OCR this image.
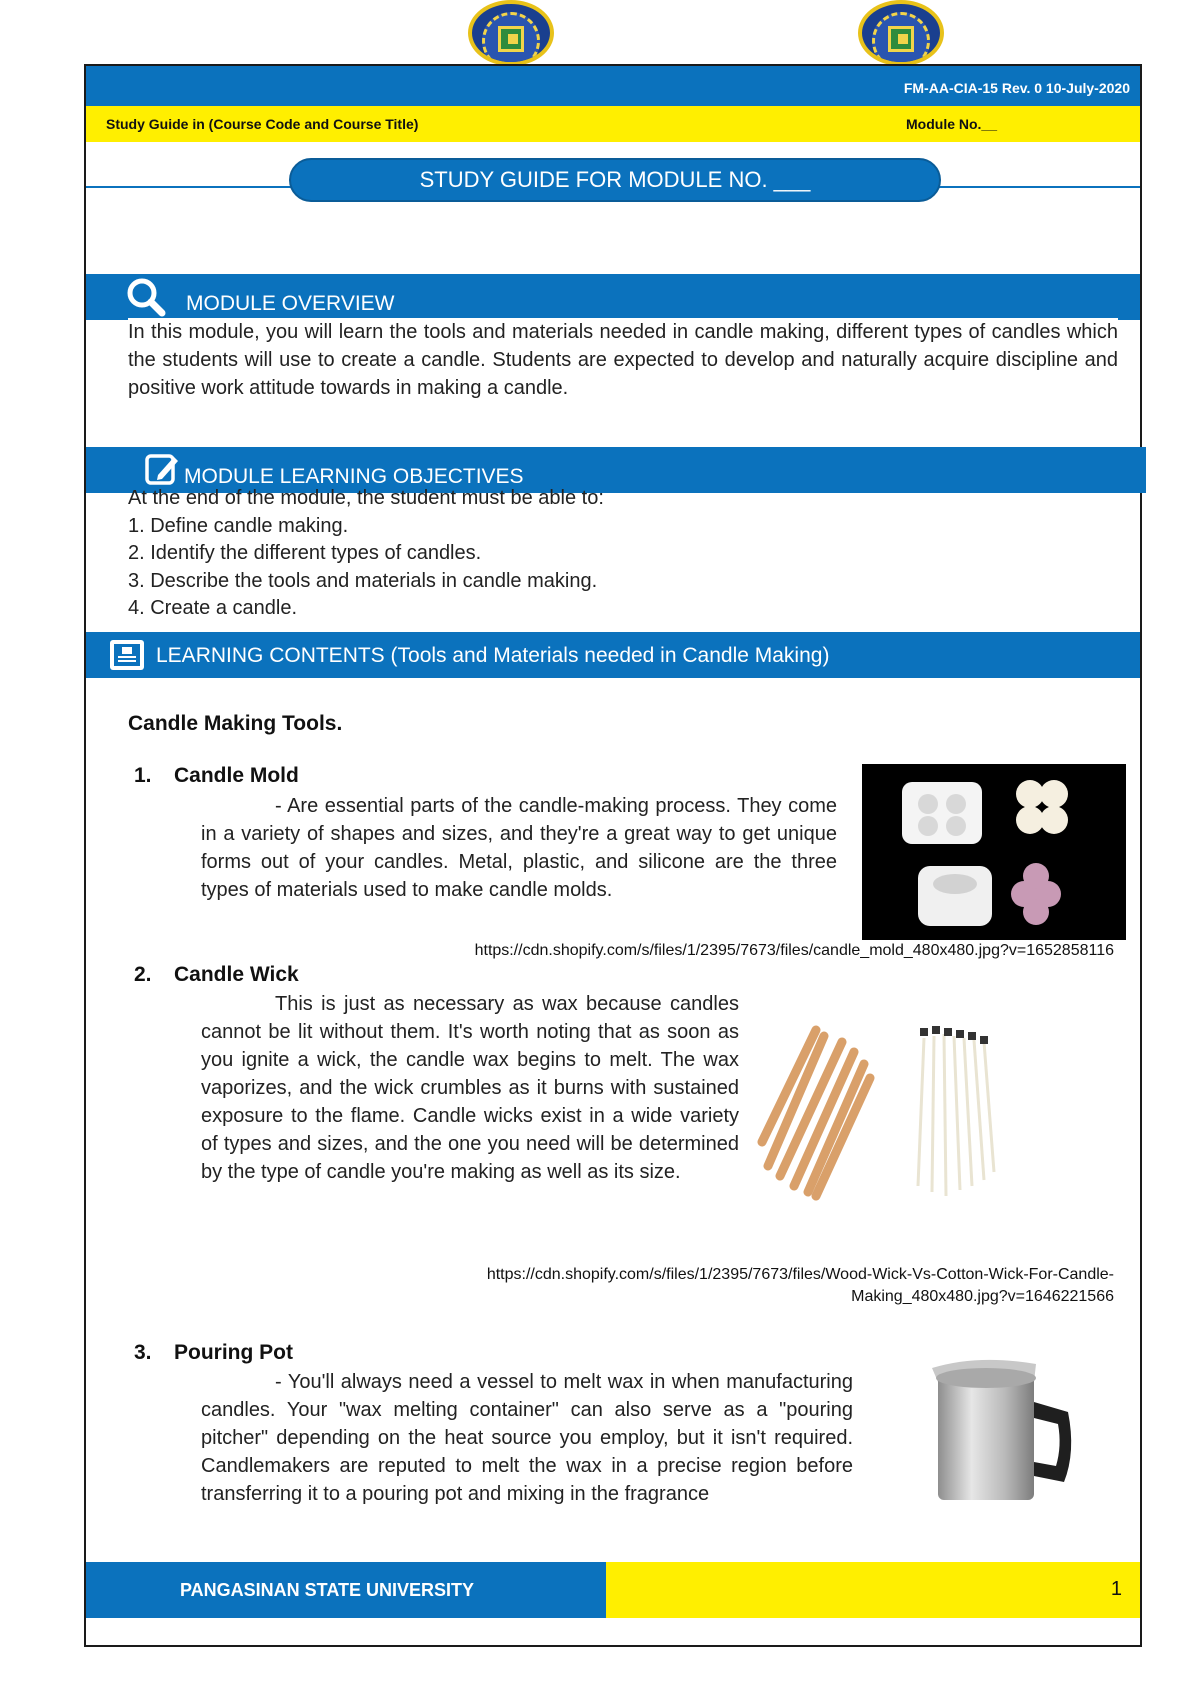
FM-AA-CIA-15 Rev. 0 10-July-2020
Study Guide in (Course Code and Course Title)	Module No.__
STUDY GUIDE FOR MODULE NO. ___
MODULE OVERVIEW
In this module, you will learn the tools and materials needed in candle making, different types of candles which the students will use to create a candle. Students are expected to develop and naturally acquire discipline and positive work attitude towards in making a candle.
MODULE LEARNING OBJECTIVES
At the end of the module, the student must be able to:
1. Define candle making.
2. Identify the different types of candles.
3. Describe the tools and materials in candle making.
4. Create a candle.
LEARNING CONTENTS (Tools and Materials needed in Candle Making)
Candle Making Tools.
1. Candle Mold
- Are essential parts of the candle-making process. They come in a variety of shapes and sizes, and they're a great way to get unique forms out of your candles. Metal, plastic, and silicone are the three types of materials used to make candle molds.
https://cdn.shopify.com/s/files/1/2395/7673/files/candle_mold_480x480.jpg?v=1652858116
2. Candle Wick
This is just as necessary as wax because candles cannot be lit without them. It's worth noting that as soon as you ignite a wick, the candle wax begins to melt. The wax vaporizes, and the wick crumbles as it burns with sustained exposure to the flame. Candle wicks exist in a wide variety of types and sizes, and the one you need will be determined by the type of candle you're making as well as its size.
https://cdn.shopify.com/s/files/1/2395/7673/files/Wood-Wick-Vs-Cotton-Wick-For-Candle-
Making_480x480.jpg?v=1646221566
3. Pouring Pot
- You'll always need a vessel to melt wax in when manufacturing candles. Your "wax melting container" can also serve as a "pouring pitcher" depending on the heat source you employ, but it isn't required. Candlemakers are reputed to melt the wax in a precise region before transferring it to a pouring pot and mixing in the fragrance
PANGASINAN STATE UNIVERSITY	1
